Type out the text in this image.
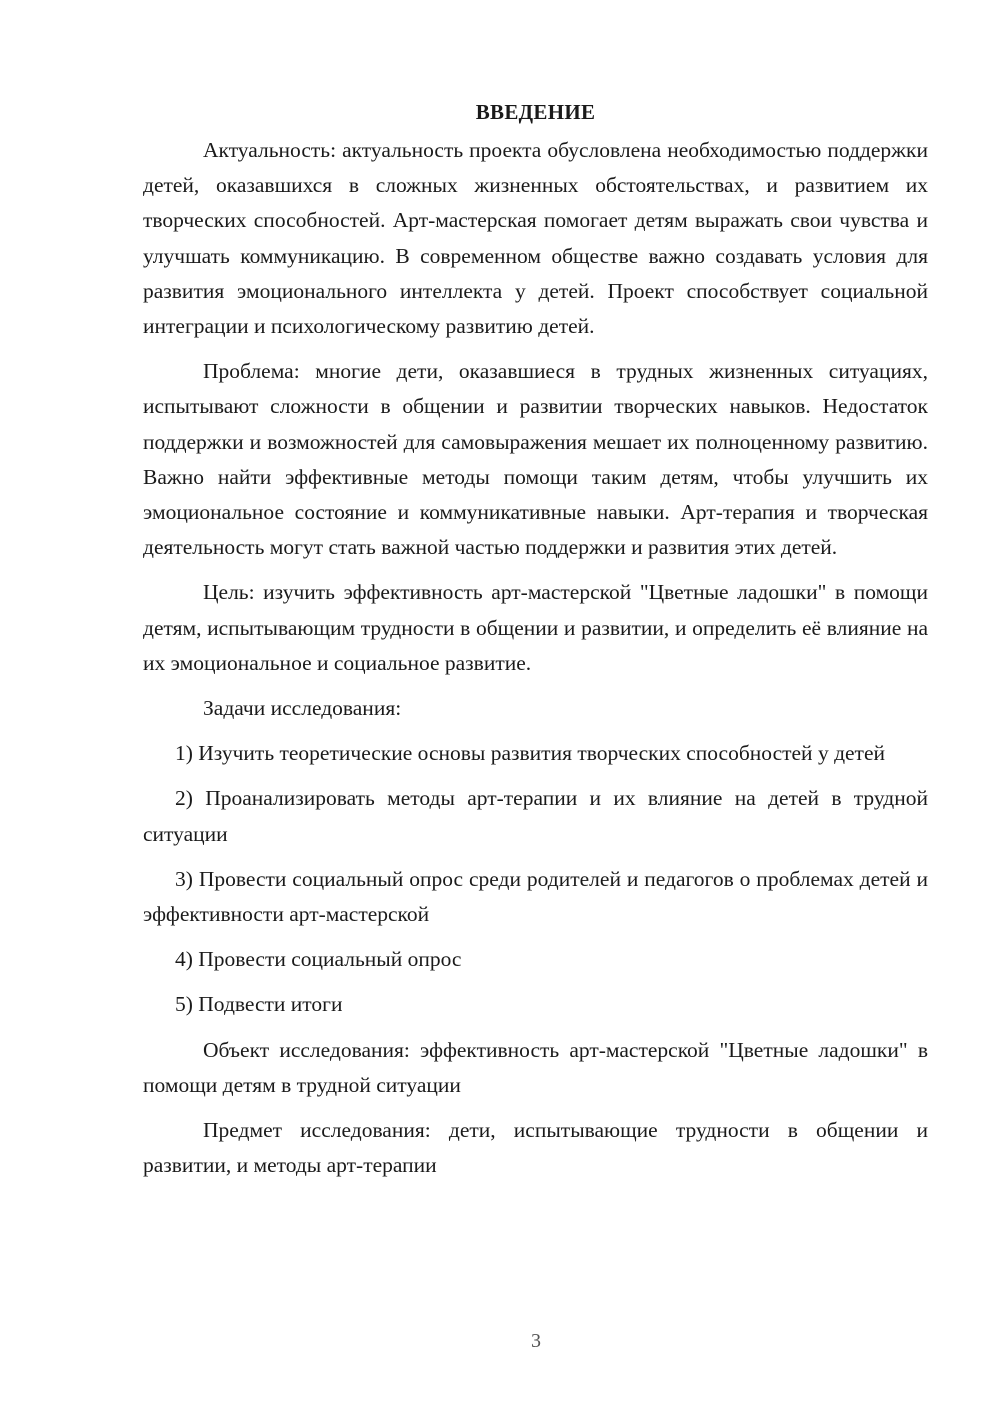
ВВЕДЕНИЕ

Актуальность: актуальность проекта обусловлена необходимостью поддержки детей, оказавшихся в сложных жизненных обстоятельствах, и развитием их творческих способностей. Арт-мастерская помогает детям выражать свои чувства и улучшать коммуникацию. В современном обществе важно создавать условия для развития эмоционального интеллекта у детей. Проект способствует социальной интеграции и психологическому развитию детей.

Проблема: многие дети, оказавшиеся в трудных жизненных ситуациях, испытывают сложности в общении и развитии творческих навыков. Недостаток поддержки и возможностей для самовыражения мешает их полноценному развитию. Важно найти эффективные методы помощи таким детям, чтобы улучшить их эмоциональное состояние и коммуникативные навыки. Арт-терапия и творческая деятельность могут стать важной частью поддержки и развития этих детей.

Цель: изучить эффективность арт-мастерской "Цветные ладошки" в помощи детям, испытывающим трудности в общении и развитии, и определить её влияние на их эмоциональное и социальное развитие.

Задачи исследования:

1) Изучить теоретические основы развития творческих способностей у детей

2) Проанализировать методы арт-терапии и их влияние на детей в трудной ситуации

3) Провести социальный опрос среди родителей и педагогов о проблемах детей и эффективности арт-мастерской

4) Провести социальный опрос

5) Подвести итоги

Объект исследования: эффективность арт-мастерской "Цветные ладошки" в помощи детям в трудной ситуации

Предмет исследования: дети, испытывающие трудности в общении и развитии, и методы арт-терапии

3
